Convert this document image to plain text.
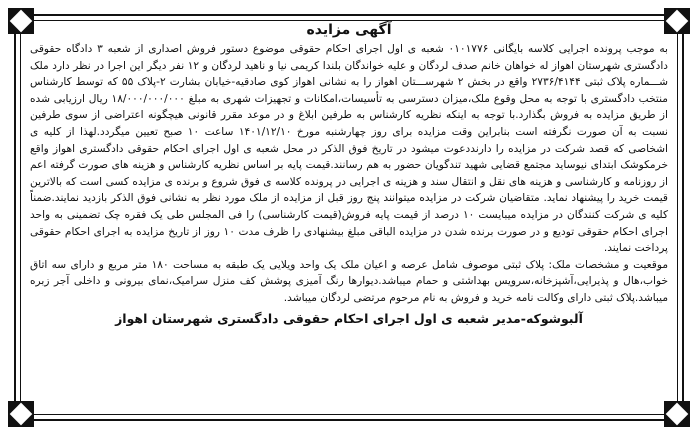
آگهی مزایده

به موجب پرونده اجرایی کلاسه بایگانی ۰۱۰۱۷۷۶ شعبه ی اول اجرای احکام حقوقی موضوع دستور فروش اصداری از شعبه ۳ دادگاه حقوقی دادگستری شهرستان اهواز له خواهان خانم صدف لردگان و علیه خواندگان بلندا کریمی نیا و ناهید لردگان و ۱۲ نفر دیگر این اجرا در نظر دارد ملک شـــماره پلاک ثبتی ۲۷۳۶/۴۱۴۴ واقع در بخش ۲ شهرســـتان اهواز را به نشانی اهواز کوی صادقیه-خیابان بشارت ۲-پلاک ۵۵ که توسط کارشناس منتخب دادگستری با توجه به محل وقوع ملک،میزان دسترسی به تأسیسات،امکانات و تجهیزات شهری به مبلغ ۱۸/۰۰۰/۰۰۰/۰۰۰ ریال ارزیابی شده از طریق مزایده به فروش بگذارد.با توجه به اینکه نظریه کارشناس به طرفین ابلاغ و در موعد مقرر قانونی هیچگونه اعتراضی از سوی طرفین نسبت به آن صورت نگرفته است بنابراین وقت مزایده برای روز چهارشنبه مورخ ۱۴۰۱/۱۲/۱۰ ساعت ۱۰ صبح تعیین میگردد.لهذا از کلیه ی اشخاصی که قصد شرکت در مزایده را دارنددعوت میشود در تاریخ فوق الذکر در محل شعبه ی اول اجرای احکام حقوقی دادگستری اهواز واقع خرمکوشک ابتدای نیوساید مجتمع قضایی شهید تندگویان حضور به هم رسانند.قیمت پایه بر اساس نظریه کارشناس و هزینه های صورت گرفته اعم از روزنامه و کارشناسی و هزینه های نقل و انتقال سند و هزینه ی اجرایی در پرونده کلاسه ی فوق شروع و برنده ی مزایده کسی است که بالاترین قیمت خرید را پیشنهاد نماید. متقاضیان شرکت در مزایده میتوانند پنج روز قبل از مزایده از ملک مورد نظر به نشانی فوق الذکر بازدید نمایند.ضمناً کلیه ی شرکت کنندگان در مزایده میبایست ۱۰ درصد از قیمت پایه فروش(قیمت کارشناسی) را فی المجلس طی یک فقره چک تضمینی به واحد اجرای احکام حقوقی تودیع و در صورت برنده شدن در مزایده الباقی مبلغ بیشنهادی را ظرف مدت ۱۰ روز از تاریخ مزایده به اجرای احکام حقوقی پرداخت نمایند.

موقعیت و مشخصات ملک: پلاک ثبتی موصوف شامل عرصه و اعیان ملک یک واحد ویلایی یک طبقه به مساحت ۱۸۰ متر مربع و دارای سه اتاق خواب،هال و پذیرایی،آشپزخانه،سرویس بهداشتی و حمام میباشد.دیوارها رنگ آمیزی پوشش کف منزل سرامیک،نمای بیرونی و داخلی آجر زبره میباشد.پلاک ثبتی دارای وکالت نامه خرید و فروش به نام مرحوم مرتضی لردگان میباشد.

آلبوشوکه-مدیر شعبه ی اول اجرای احکام حقوقی دادگستری شهرستان اهواز
